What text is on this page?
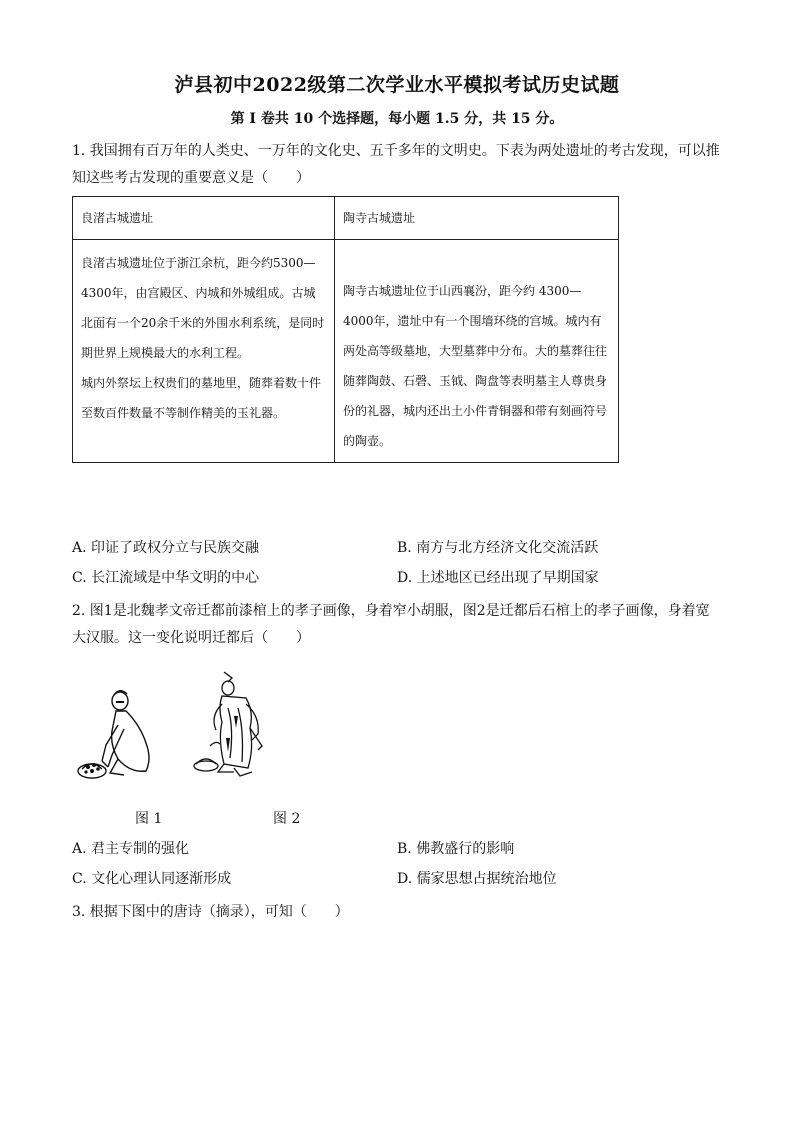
泸县初中2022级第二次学业水平模拟考试历史试题
第 I 卷共 10 个选择题，每小题 1.5 分，共 15 分。
1. 我国拥有百万年的人类史、一万年的文化史、五千多年的文明史。下表为两处遗址的考古发现，可以推知这些考古发现的重要意义是（　　）
良渚古城遗址	陶寺古城遗址

良渚古城遗址位于浙江余杭，距今约5300—4300年，由宫殿区、内城和外城组成。古城北面有一个20余千米的外围水利系统，是同时期世界上规模最大的水利工程。

城内外祭坛上权贵们的墓地里，随葬着数十件至数百件数量不等制作精美的玉礼器。	陶寺古城遗址位于山西襄汾，距今约 4300—4000年，遗址中有一个围墙环绕的宫城。城内有两处高等级墓地，大型墓葬中分布。大的墓葬往往随葬陶鼓、石磬、玉钺、陶盘等表明墓主人尊贵身份的礼器，城内还出土小件青铜器和带有刻画符号的陶壶。

A. 印证了政权分立与民族交融	B. 南方与北方经济文化交流活跃
C. 长江流域是中华文明的中心	D. 上述地区已经出现了早期国家
2. 图1是北魏孝文帝迁都前漆棺上的孝子画像，身着窄小胡服，图2是迁都后石棺上的孝子画像，身着宽大汉服。这一变化说明迁都后（　　）
图 1	图 2
A. 君主专制的强化	B. 佛教盛行的影响
C. 文化心理认同逐渐形成	D. 儒家思想占据统治地位
3. 根据下图中的唐诗（摘录），可知（　　）
